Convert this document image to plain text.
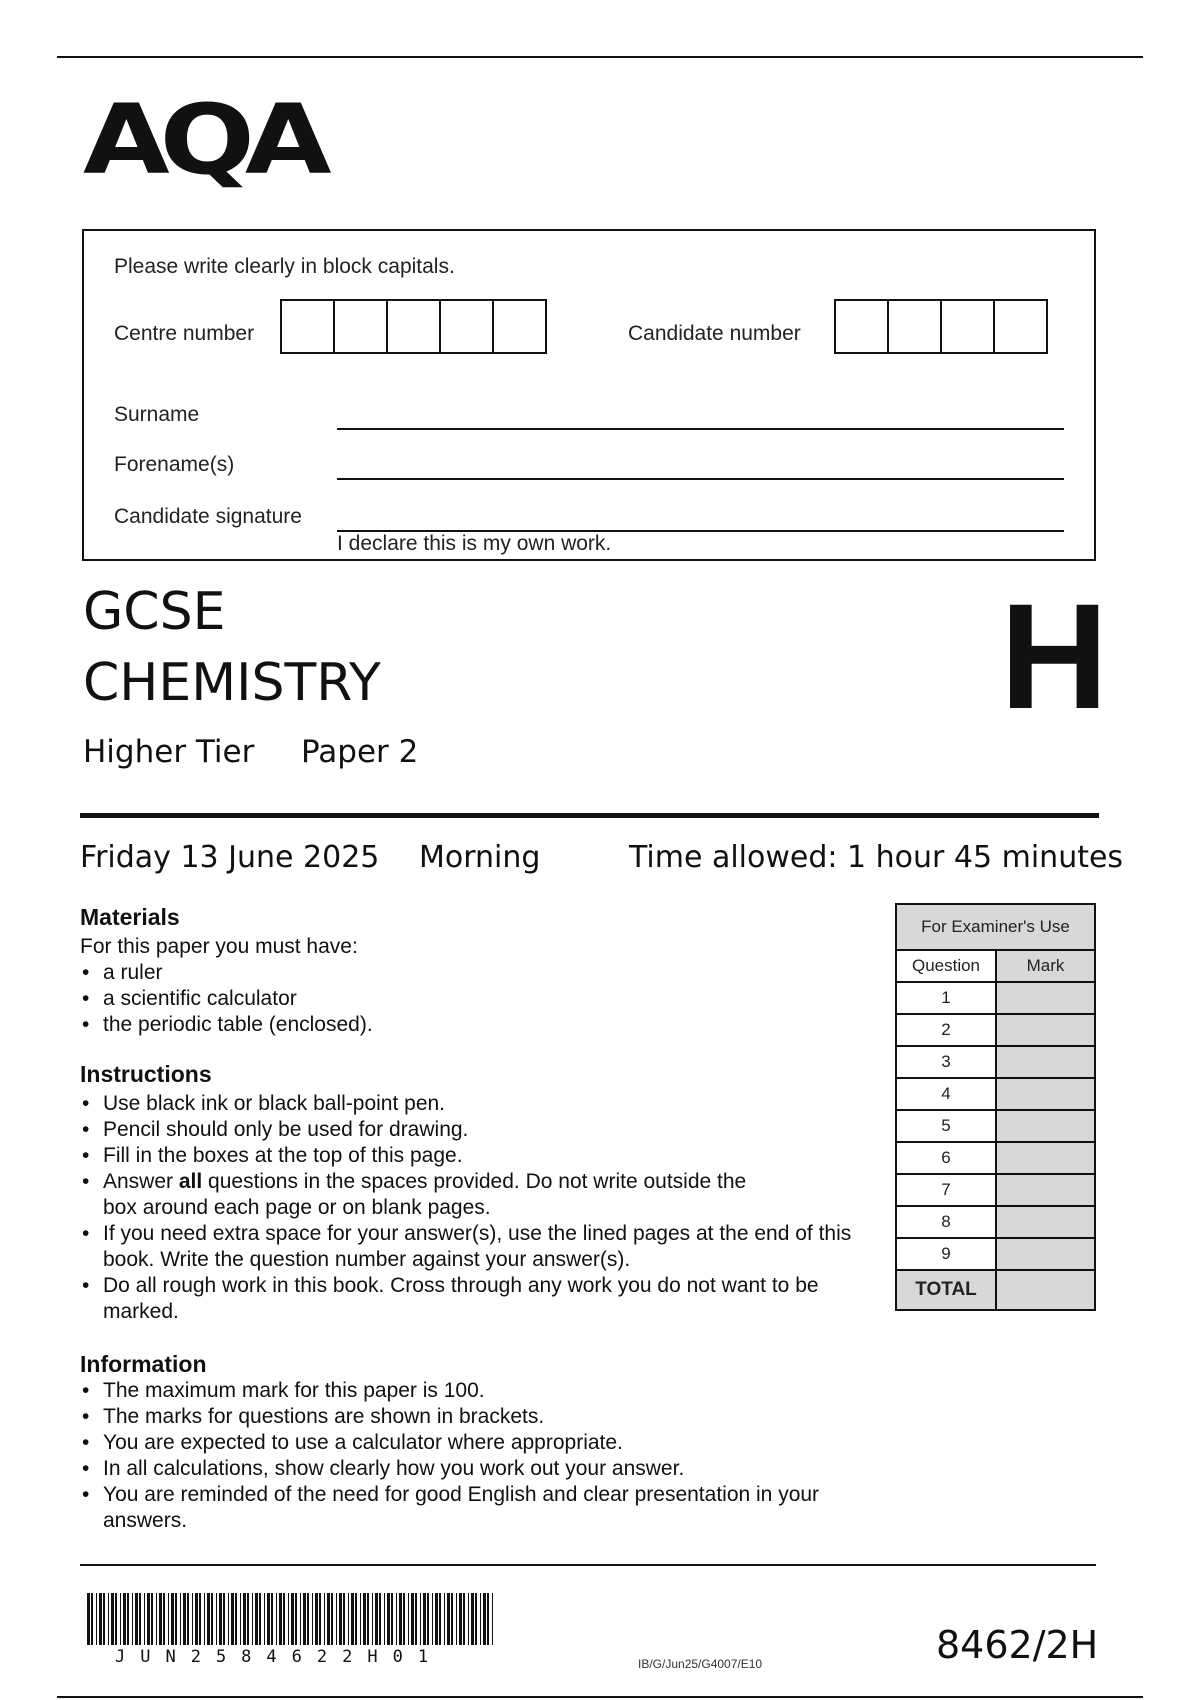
AQA
Please write clearly in block capitals.
Centre number	Candidate number
Surname
Forename(s)
Candidate signature
I declare this is my own work.
GCSE
CHEMISTRY
Higher Tier Paper 2
H
Friday 13 June 2025 Morning	Time allowed: 1 hour 45 minutes
Materials
For this paper you must have:
• a ruler
• a scientific calculator
• the periodic table (enclosed).
Instructions
• Use black ink or black ball-point pen.
• Pencil should only be used for drawing.
• Fill in the boxes at the top of this page.
• Answer all questions in the spaces provided. Do not write outside the box around each page or on blank pages.
• If you need extra space for your answer(s), use the lined pages at the end of this book. Write the question number against your answer(s).
• Do all rough work in this book. Cross through any work you do not want to be marked.
Information
• The maximum mark for this paper is 100.
• The marks for questions are shown in brackets.
• You are expected to use a calculator where appropriate.
• In all calculations, show clearly how you work out your answer.
• You are reminded of the need for good English and clear presentation in your answers.
For Examiner's Use	
Question	Mark
1	
2	
3	
4	
5	
6	
7	
8	
9	
TOTAL	
JUN2584622H01	IB/G/Jun25/G4007/E10	8462/2H
